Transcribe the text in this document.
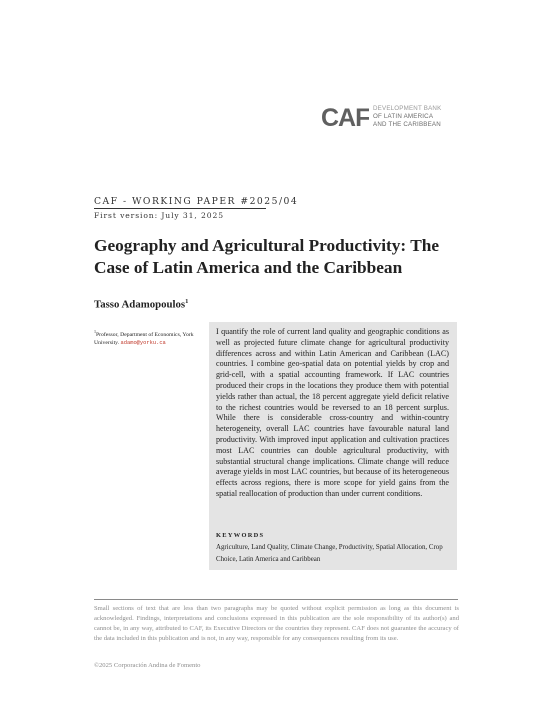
CAF DEVELOPMENT BANK
OF LATIN AMERICA
AND THE CARIBBEAN
CAF - WORKING PAPER #2025/04
First version: July 31, 2025
Geography and Agricultural Productivity: The Case of Latin America and the Caribbean
Tasso Adamopoulos$^1$
$^1$Professor, Department of Economics, York University. adamo@yorku.ca
I quantify the role of current land quality and geographic conditions as well as projected future climate change for agricultural productivity differences across and within Latin American and Caribbean (LAC) countries. I combine geo-spatial data on potential yields by crop and grid-cell, with a spatial accounting framework. If LAC countries produced their crops in the locations they produce them with potential yields rather than actual, the 18 percent aggregate yield deficit relative to the richest countries would be reversed to an 18 percent surplus. While there is considerable cross-country and within-country heterogeneity, overall LAC countries have favourable natural land productivity. With improved input application and cultivation practices most LAC countries can double agricultural productivity, with substantial structural change implications. Climate change will reduce average yields in most LAC countries, but because of its heterogeneous effects across regions, there is more scope for yield gains from the spatial reallocation of production than under current conditions.
KEYWORDS
Agriculture, Land Quality, Climate Change, Productivity, Spatial Allocation, Crop Choice, Latin America and Caribbean
Small sections of text that are less than two paragraphs may be quoted without explicit permission as long as this document is acknowledged. Findings, interpretations and conclusions expressed in this publication are the sole responsibility of its author(s) and cannot be, in any way, attributed to CAF, its Executive Directors or the countries they represent. CAF does not guarantee the accuracy of the data included in this publication and is not, in any way, responsible for any consequences resulting from its use.
©2025 Corporación Andina de Fomento
